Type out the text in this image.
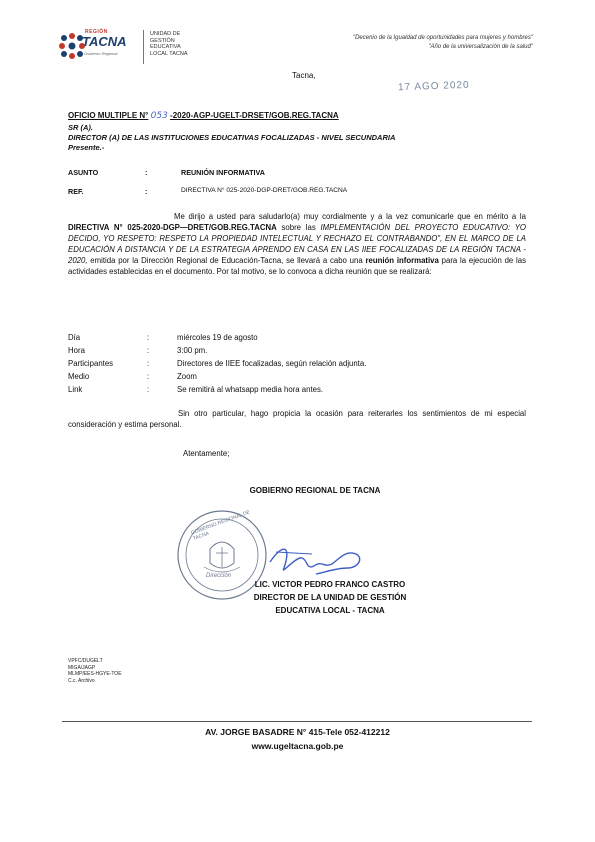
REGIÓN
TACNA
Gobierno Regional
UNIDAD DE
GESTIÓN
EDUCATIVA
LOCAL TACNA
"Decenio de la Igualdad de oportunidades para mujeres y hombres"
"Año de la universalización de la salud"
Tacna,
17 AGO 2020
OFICIO MULTIPLE N° 053 -2020-AGP-UGELT-DRSET/GOB.REG.TACNA
SR (A).
DIRECTOR (A) DE LAS INSTITUCIONES EDUCATIVAS FOCALIZADAS - NIVEL SECUNDARIA
Presente.-
ASUNTO	:	REUNIÓN INFORMATIVA
REF.	:	DIRECTIVA N° 025-2020-DGP-DRET/GOB.REG.TACNA
Me dirijo a usted para saludarlo(a) muy cordialmente y a la vez comunicarle que en mérito a la DIRECTIVA N° 025-2020-DGP—DRET/GOB.REG.TACNA sobre las IMPLEMENTACIÓN DEL PROYECTO EDUCATIVO: YO DECIDO, YO RESPETO: RESPETO LA PROPIEDAD INTELECTUAL Y RECHAZO EL CONTRABANDO", EN EL MARCO DE LA EDUCACIÓN A DISTANCIA Y DE LA ESTRATEGIA APRENDO EN CASA EN LAS IIEE FOCALIZADAS DE LA REGIÓN TACNA - 2020, emitida por la Dirección Regional de Educación-Tacna, se llevará a cabo una reunión informativa para la ejecución de las actividades establecidas en el documento. Por tal motivo, se lo convoca a dicha reunión que se realizará:
Día	:	miércoles 19 de agosto
Hora	:	3:00 pm.
Participantes	:	Directores de IIEE focalizadas, según relación adjunta.
Medio	:	Zoom
Link	:	Se remitirá al whatsapp media hora antes.
Sin otro particular, hago propicia la ocasión para reiterarles los sentimientos de mi especial consideración y estima personal.
Atentamente;
GOBIERNO REGIONAL DE TACNA
GOBIERNO REGIONAL DE TACNA
Dirección
LIC. VICTOR PEDRO FRANCO CASTRO
DIRECTOR DE LA UNIDAD DE GESTIÓN
EDUCATIVA LOCAL - TACNA
VPFC/DUGELT
MIGA/JAGP
MLMP/EES-HGYE-TOE
C.c. Archivo
AV. JORGE BASADRE N° 415-Tele 052-412212
www.ugeltacna.gob.pe
